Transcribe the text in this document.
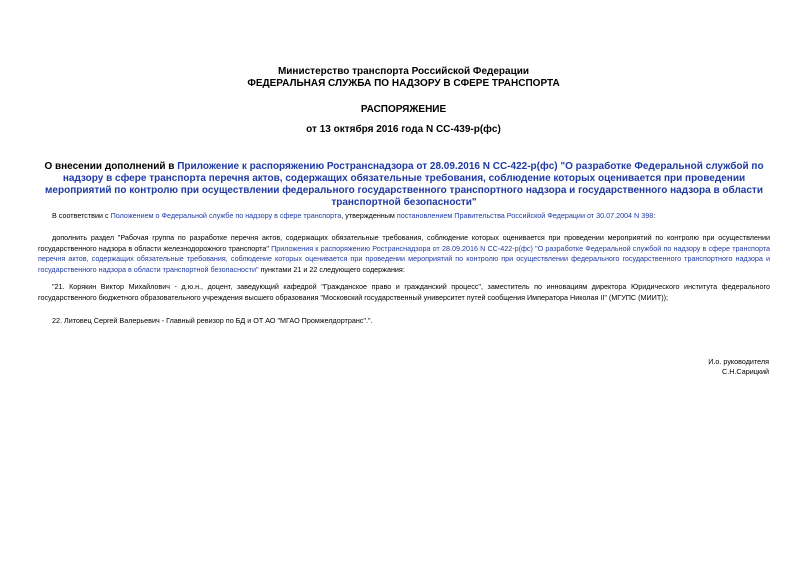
Министерство транспорта Российской Федерации
ФЕДЕРАЛЬНАЯ СЛУЖБА ПО НАДЗОРУ В СФЕРЕ ТРАНСПОРТА
РАСПОРЯЖЕНИЕ
от 13 октября 2016 года N СС-439-р(фс)
О внесении дополнений в Приложение к распоряжению Ространснадзора от 28.09.2016 N СС-422-р(фс) "О разработке Федеральной службой по надзору в сфере транспорта перечня актов, содержащих обязательные требования, соблюдение которых оценивается при проведении мероприятий по контролю при осуществлении федерального государственного транспортного надзора и государственного надзора в области транспортной безопасности"
В соответствии с Положением о Федеральной службе по надзору в сфере транспорта, утвержденным постановлением Правительства Российской Федерации от 30.07.2004 N 398:
дополнить раздел "Рабочая группа по разработке перечня актов, содержащих обязательные требования, соблюдение которых оценивается при проведении мероприятий по контролю при осуществлении государственного надзора в области железнодорожного транспорта" Приложения к распоряжению Ространснадзора от 28.09.2016 N СС-422-р(фс) "О разработке Федеральной службой по надзору в сфере транспорта перечня актов, содержащих обязательные требования, соблюдение которых оценивается при проведении мероприятий по контролю при осуществлении федерального государственного транспортного надзора и государственного надзора в области транспортной безопасности" пунктами 21 и 22 следующего содержания:
"21. Корякин Виктор Михайлович - д.ю.н., доцент, заведующий кафедрой "Гражданское право и гражданский процесс", заместитель по инновациям директора Юридического института федерального государственного бюджетного образовательного учреждения высшего образования "Московский государственный университет путей сообщения Императора Николая II" (МГУПС (МИИТ));
22. Литовец Сергей Валерьевич - Главный ревизор по БД и ОТ АО "МГАО Промжелдортранс".".
И.о. руководителя
С.Н.Сарицкий
